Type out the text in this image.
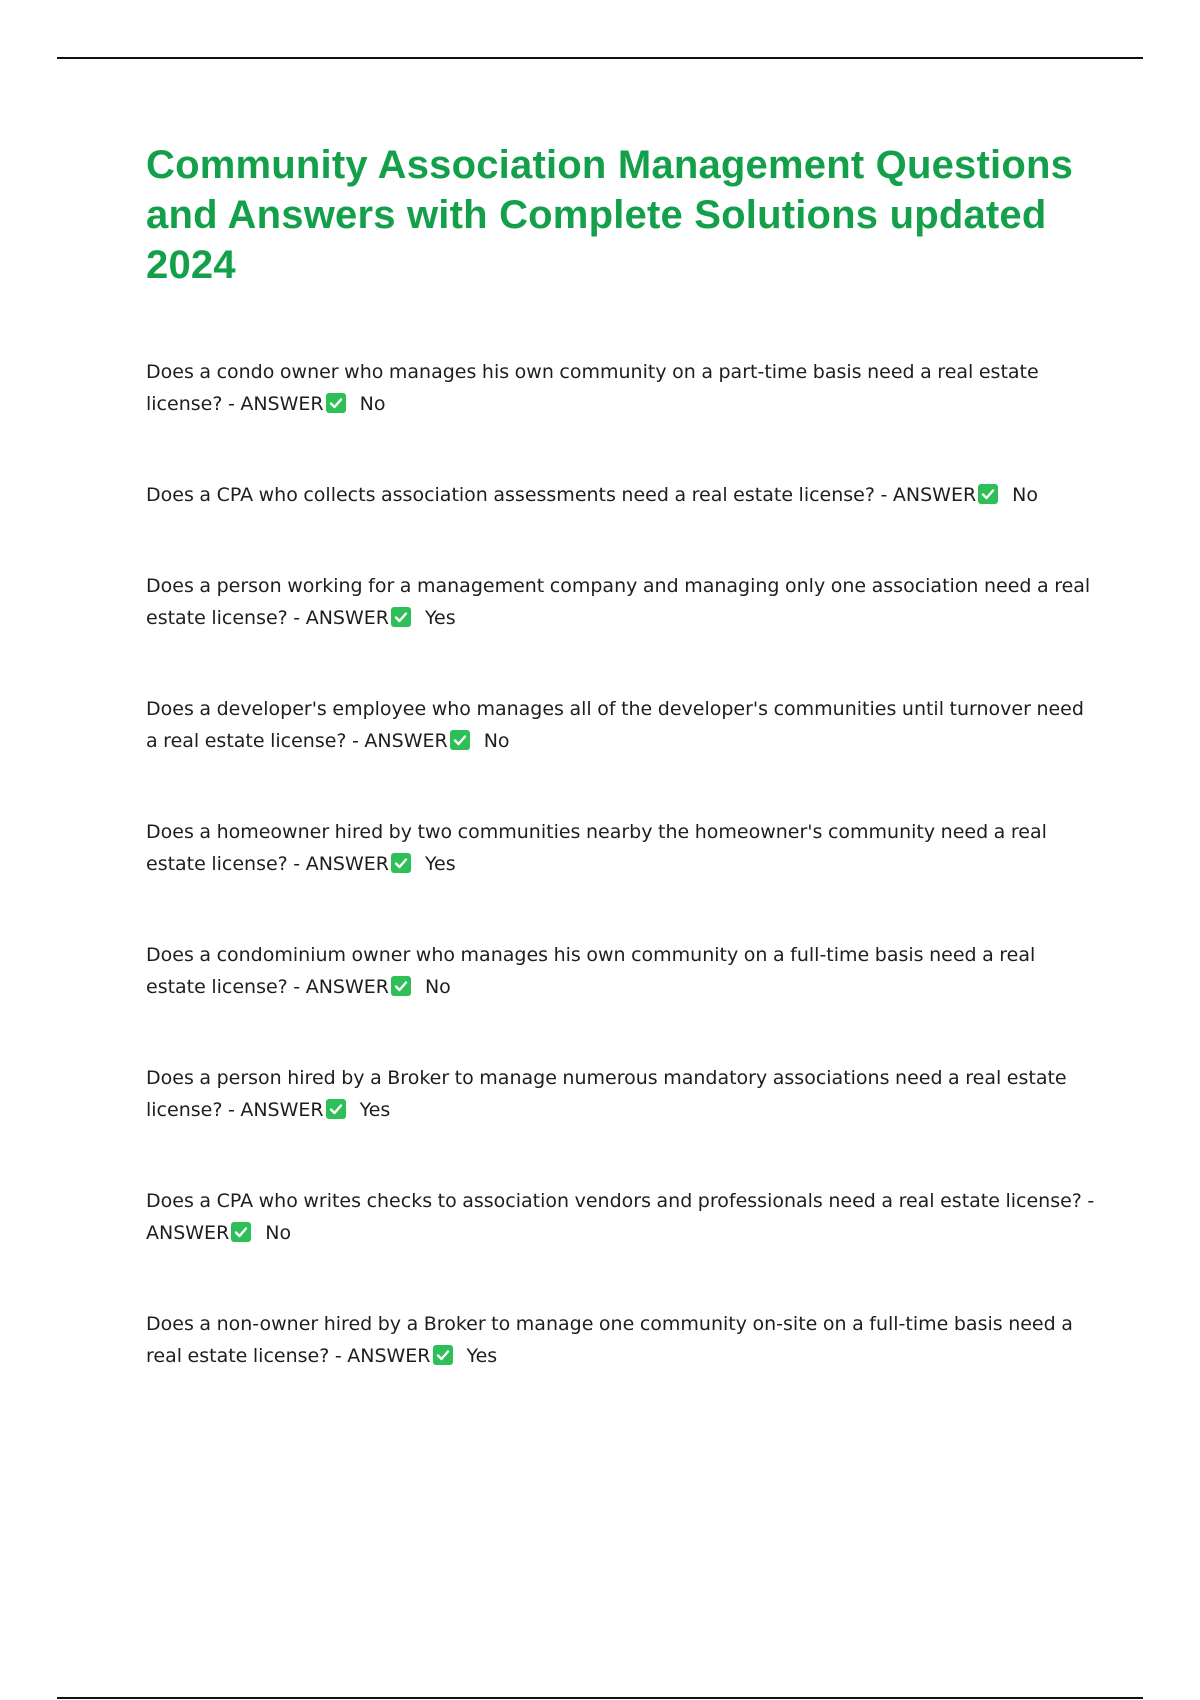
Community Association Management Questions and Answers with Complete Solutions updated 2024

Does a condo owner who manages his own community on a part-time basis need a real estate license? - ANSWER No

Does a CPA who collects association assessments need a real estate license? - ANSWER No

Does a person working for a management company and managing only one association need a real estate license? - ANSWER Yes

Does a developer's employee who manages all of the developer's communities until turnover need a real estate license? - ANSWER No

Does a homeowner hired by two communities nearby the homeowner's community need a real estate license? - ANSWER Yes

Does a condominium owner who manages his own community on a full-time basis need a real estate license? - ANSWER No

Does a person hired by a Broker to manage numerous mandatory associations need a real estate license? - ANSWER Yes

Does a CPA who writes checks to association vendors and professionals need a real estate license? - ANSWER No

Does a non-owner hired by a Broker to manage one community on-site on a full-time basis need a real estate license? - ANSWER Yes
